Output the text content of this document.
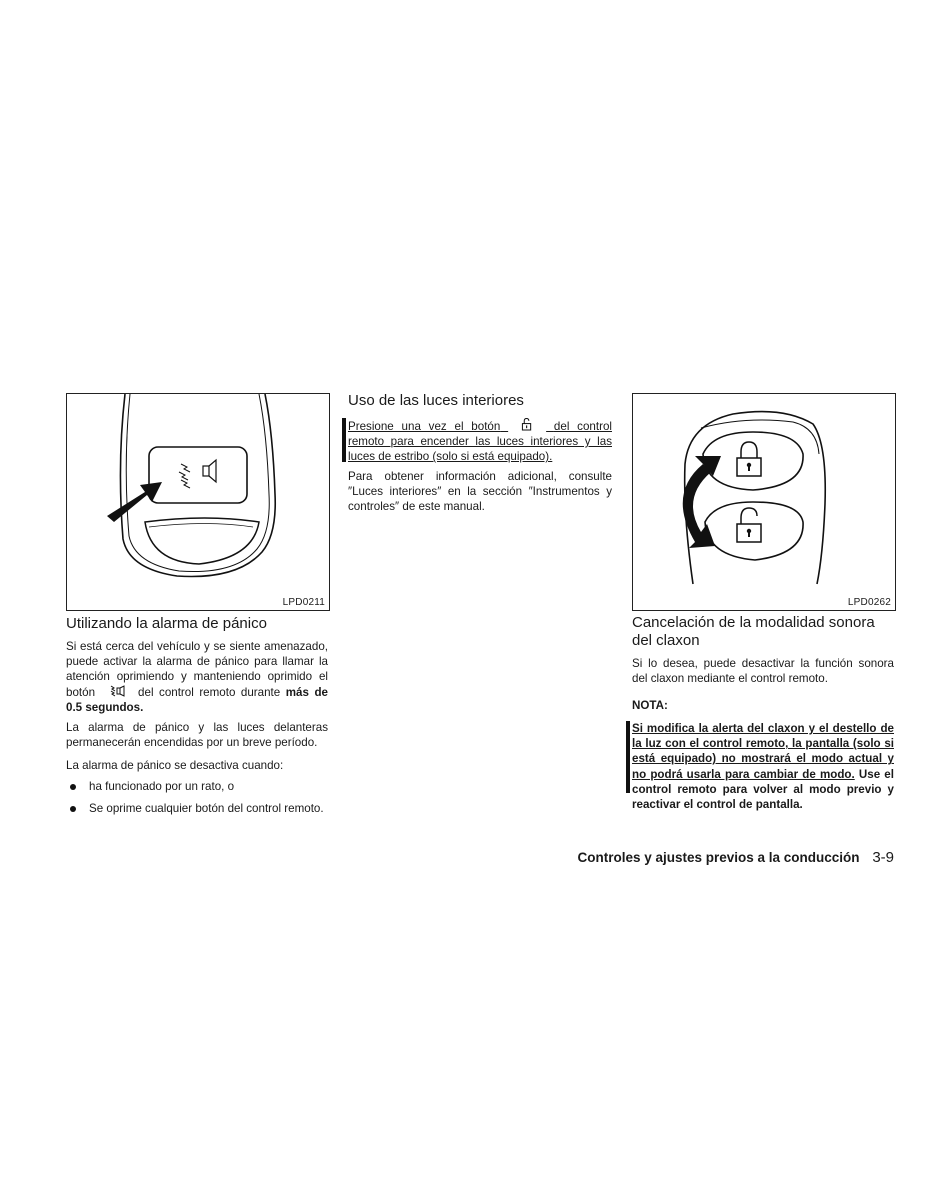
LPD0211
Utilizando la alarma de pánico

Si está cerca del vehículo y se siente amenazado, puede activar la alarma de pánico para llamar la atención oprimiendo y manteniendo oprimido el botón	del control remoto durante más de 0.5 segundos.

La alarma de pánico y las luces delanteras permanecerán encendidas por un breve período.

La alarma de pánico se desactiva cuando:

ha funcionado por un rato, o

Se oprime cualquier botón del control remoto.

Uso de las luces interiores

Presione una vez el botón	del control remoto para encender las luces interiores y las luces de estribo (solo si está equipado).

Para obtener información adicional, consulte ″Luces interiores″ en la sección ″Instrumentos y controles″ de este manual.

LPD0262
Cancelación de la modalidad sonora
del claxon

Si lo desea, puede desactivar la función sonora del claxon mediante el control remoto.

NOTA:

Si modifica la alerta del claxon y el destello de la luz con el control remoto, la pantalla (solo si está equipado) no mostrará el modo actual y no podrá usarla para cambiar de modo. Use el control remoto para volver al modo previo y reactivar el control de pantalla.

Controles y ajustes previos a la conducción 3-9
